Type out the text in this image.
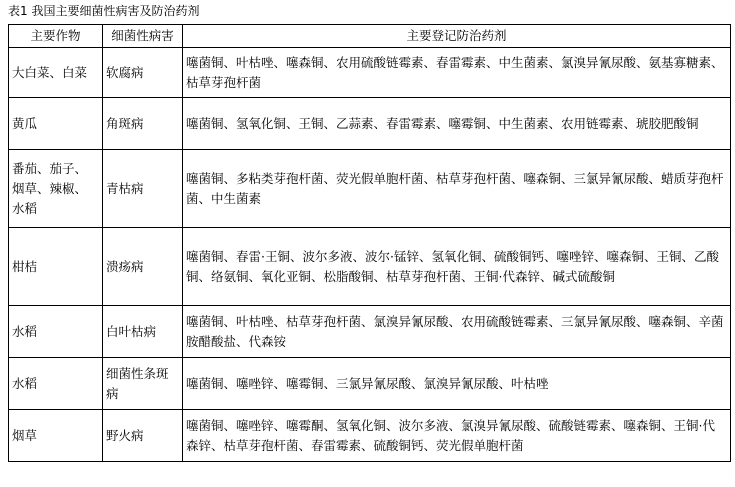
表1 我国主要细菌性病害及防治药剂
主要作物	细菌性病害	主要登记防治药剂
大白菜、白菜	软腐病	噻菌铜、叶枯唑、噻森铜、农用硫酸链霉素、春雷霉素、中生菌素、氯溴异氰尿酸、氨基寡糖素、枯草芽孢杆菌
黄瓜	角斑病	噻菌铜、氢氧化铜、王铜、乙蒜素、春雷霉素、噻霉铜、中生菌素、农用链霉素、琥胶肥酸铜
番茄、茄子、烟草、辣椒、水稻	青枯病	噻菌铜、多粘类芽孢杆菌、荧光假单胞杆菌、枯草芽孢杆菌、噻森铜、三氯异氰尿酸、蜡质芽孢杆菌、中生菌素
柑桔	溃疡病	噻菌铜、春雷·王铜、波尔多液、波尔·锰锌、氢氧化铜、硫酸铜钙、噻唑锌、噻森铜、王铜、乙酸铜、络氨铜、氧化亚铜、松脂酸铜、枯草芽孢杆菌、王铜·代森锌、碱式硫酸铜
水稻	白叶枯病	噻菌铜、叶枯唑、枯草芽孢杆菌、氯溴异氰尿酸、农用硫酸链霉素、三氯异氰尿酸、噻森铜、辛菌胺醋酸盐、代森铵
水稻	细菌性条斑病	噻菌铜、噻唑锌、噻霉铜、三氯异氰尿酸、氯溴异氰尿酸、叶枯唑
烟草	野火病	噻菌铜、噻唑锌、噻霉酮、氢氧化铜、波尔多液、氯溴异氰尿酸、硫酸链霉素、噻森铜、王铜·代森锌、枯草芽孢杆菌、春雷霉素、硫酸铜钙、荧光假单胞杆菌
